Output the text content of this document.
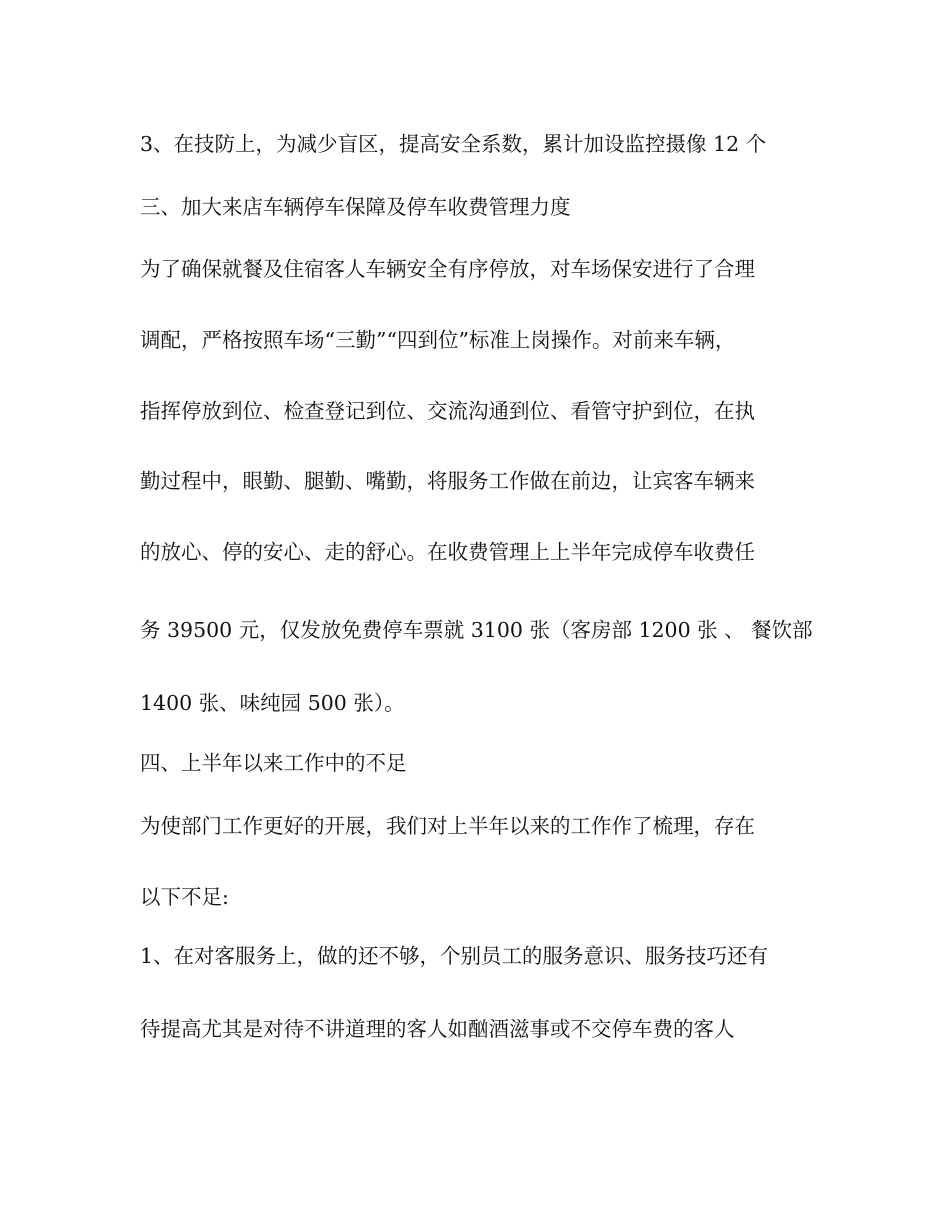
3、在技防上，为减少盲区，提高安全系数，累计加设监控摄像 12 个
三、加大来店车辆停车保障及停车收费管理力度
为了确保就餐及住宿客人车辆安全有序停放，对车场保安进行了合理
调配，严格按照车场“三勤”“四到位”标准上岗操作。对前来车辆，
指挥停放到位、检查登记到位、交流沟通到位、看管守护到位，在执
勤过程中，眼勤、腿勤、嘴勤，将服务工作做在前边，让宾客车辆来
的放心、停的安心、走的舒心。在收费管理上上半年完成停车收费任
务 39500 元，仅发放免费停车票就 3100 张（客房部 1200 张 、 餐饮部
1400 张、味纯园 500 张）。
四、上半年以来工作中的不足
为使部门工作更好的开展，我们对上半年以来的工作作了梳理，存在
以下不足:
1、在对客服务上，做的还不够，个别员工的服务意识、服务技巧还有
待提高尤其是对待不讲道理的客人如酗酒滋事或不交停车费的客人
